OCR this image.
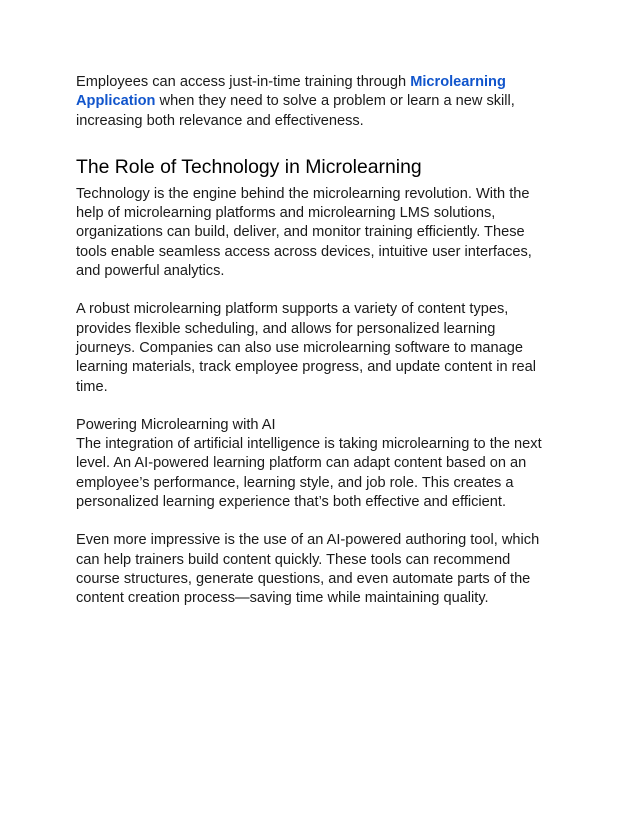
Employees can access just-in-time training through Microlearning Application when they need to solve a problem or learn a new skill, increasing both relevance and effectiveness.

The Role of Technology in Microlearning

Technology is the engine behind the microlearning revolution. With the help of microlearning platforms and microlearning LMS solutions, organizations can build, deliver, and monitor training efficiently. These tools enable seamless access across devices, intuitive user interfaces, and powerful analytics.

A robust microlearning platform supports a variety of content types, provides flexible scheduling, and allows for personalized learning journeys. Companies can also use microlearning software to manage learning materials, track employee progress, and update content in real time.

Powering Microlearning with AI

The integration of artificial intelligence is taking microlearning to the next level. An AI-powered learning platform can adapt content based on an employee’s performance, learning style, and job role. This creates a personalized learning experience that’s both effective and efficient.

Even more impressive is the use of an AI-powered authoring tool, which can help trainers build content quickly. These tools can recommend course structures, generate questions, and even automate parts of the content creation process—saving time while maintaining quality.
